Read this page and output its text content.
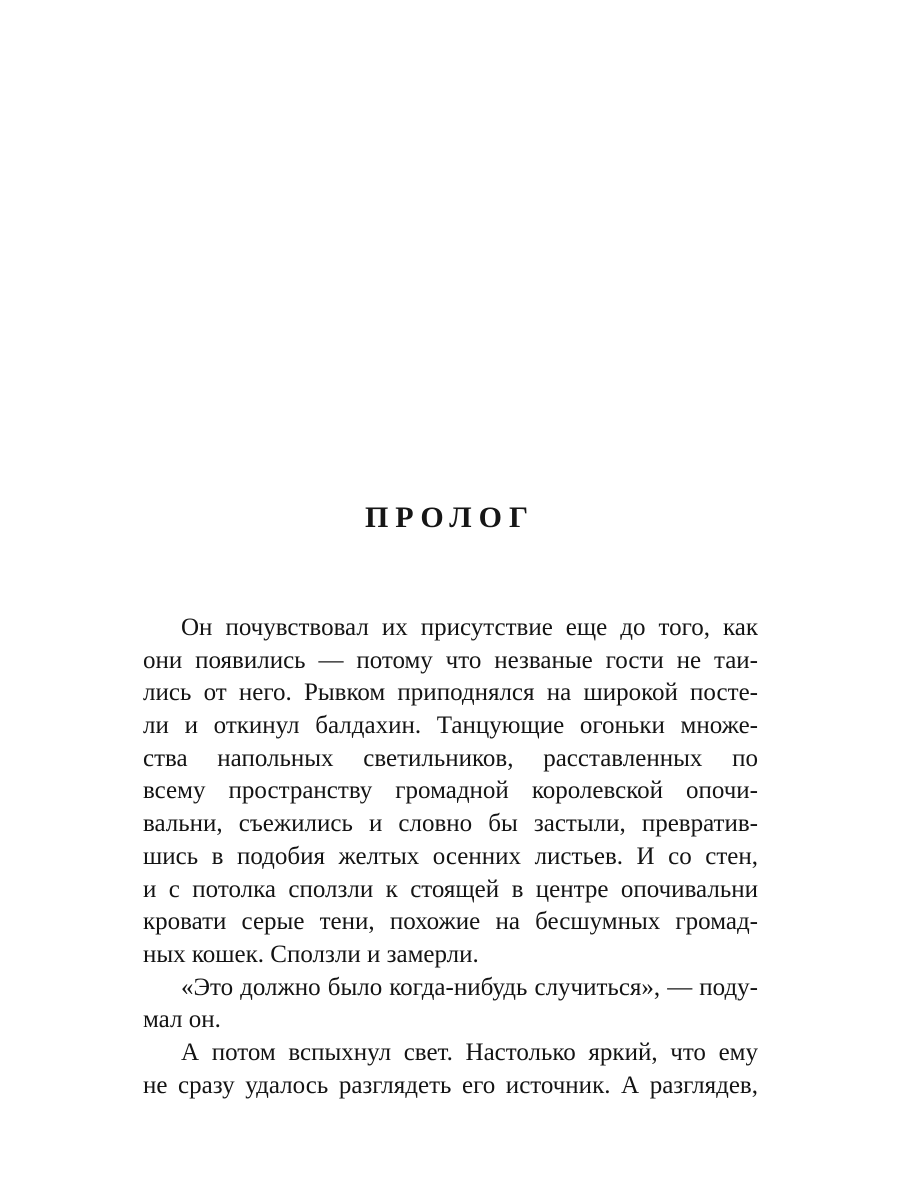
ПРОЛОГ
Он почувствовал их присутствие еще до того, как
они появились — потому что незваные гости не таи-
лись от него. Рывком приподнялся на широкой посте-
ли и откинул балдахин. Танцующие огоньки множе-
ства напольных светильников, расставленных по
всему пространству громадной королевской опочи-
вальни, съежились и словно бы застыли, превратив-
шись в подобия желтых осенних листьев. И со стен,
и с потолка сползли к стоящей в центре опочивальни
кровати серые тени, похожие на бесшумных громад-
ных кошек. Сползли и замерли.
«Это должно было когда-нибудь случиться», — поду-
мал он.
А потом вспыхнул свет. Настолько яркий, что ему
не сразу удалось разглядеть его источник. А разглядев,
